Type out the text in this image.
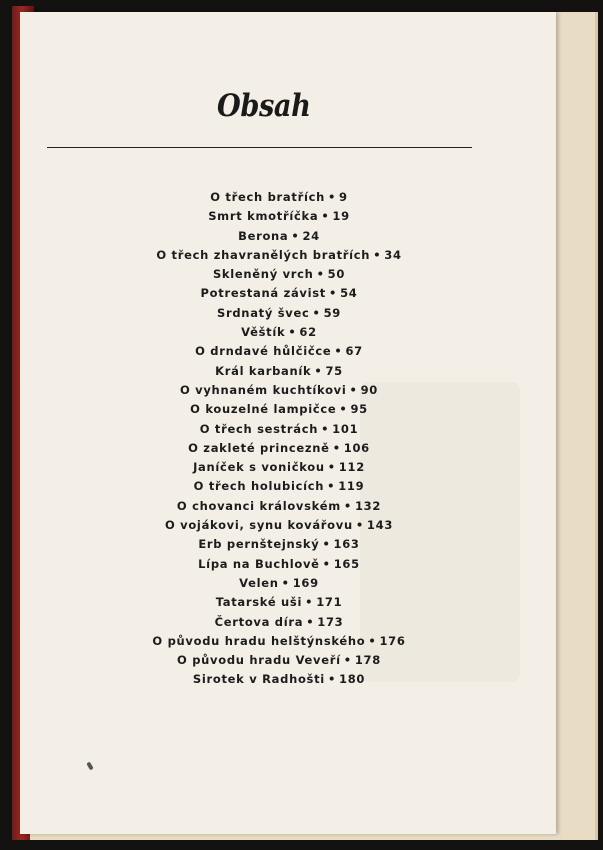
Obsah
O třech bratřích • 9
Smrt kmotříčka • 19
Berona • 24
O třech zhavranělých bratřích • 34
Skleněný vrch • 50
Potrestaná závist • 54
Srdnatý švec • 59
Věštík • 62
O drndavé hůlčičce • 67
Král karbaník • 75
O vyhnaném kuchtíkovi • 90
O kouzelné lampičce • 95
O třech sestrách • 101
O zakleté princezně • 106
Janíček s voničkou • 112
O třech holubicích • 119
O chovanci královském • 132
O vojákovi, synu kovářovu • 143
Erb pernštejnský • 163
Lípa na Buchlově • 165
Velen • 169
Tatarské uši • 171
Čertova díra • 173
O původu hradu helštýnského • 176
O původu hradu Veveří • 178
Sirotek v Radhošti • 180
